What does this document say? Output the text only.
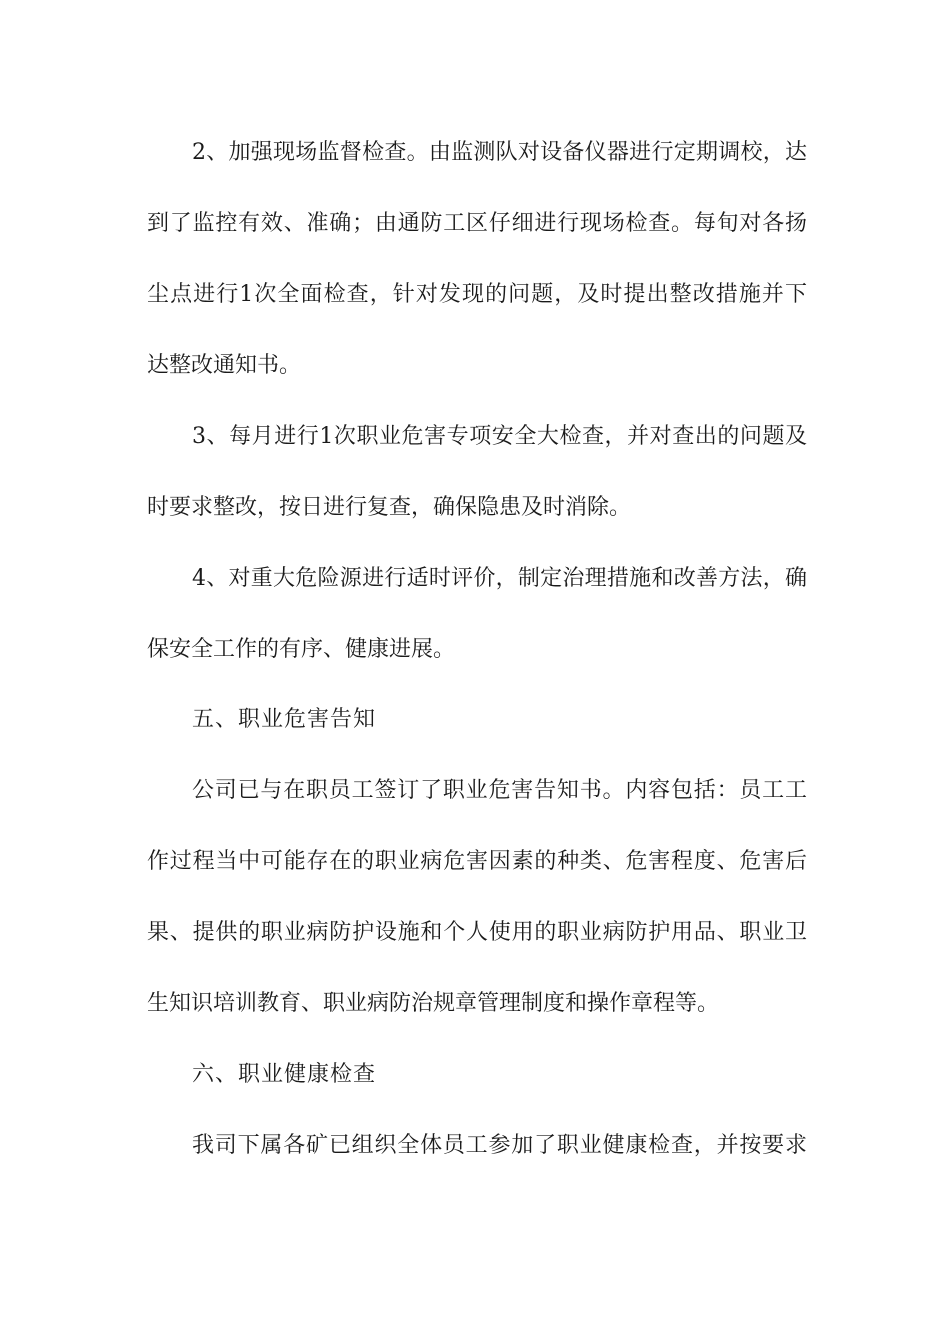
2、加强现场监督检查。由监测队对设备仪器进行定期调校，达
到了监控有效、准确；由通防工区仔细进行现场检查。每旬对各扬
尘点进行1次全面检查，针对发现的问题，及时提出整改措施并下
达整改通知书。
3、每月进行1次职业危害专项安全大检查，并对查出的问题及
时要求整改，按日进行复查，确保隐患及时消除。
4、对重大危险源进行适时评价，制定治理措施和改善方法，确
保安全工作的有序、健康进展。
五、职业危害告知
公司已与在职员工签订了职业危害告知书。内容包括：员工工
作过程当中可能存在的职业病危害因素的种类、危害程度、危害后
果、提供的职业病防护设施和个人使用的职业病防护用品、职业卫
生知识培训教育、职业病防治规章管理制度和操作章程等。
六、职业健康检查
我司下属各矿已组织全体员工参加了职业健康检查，并按要求
